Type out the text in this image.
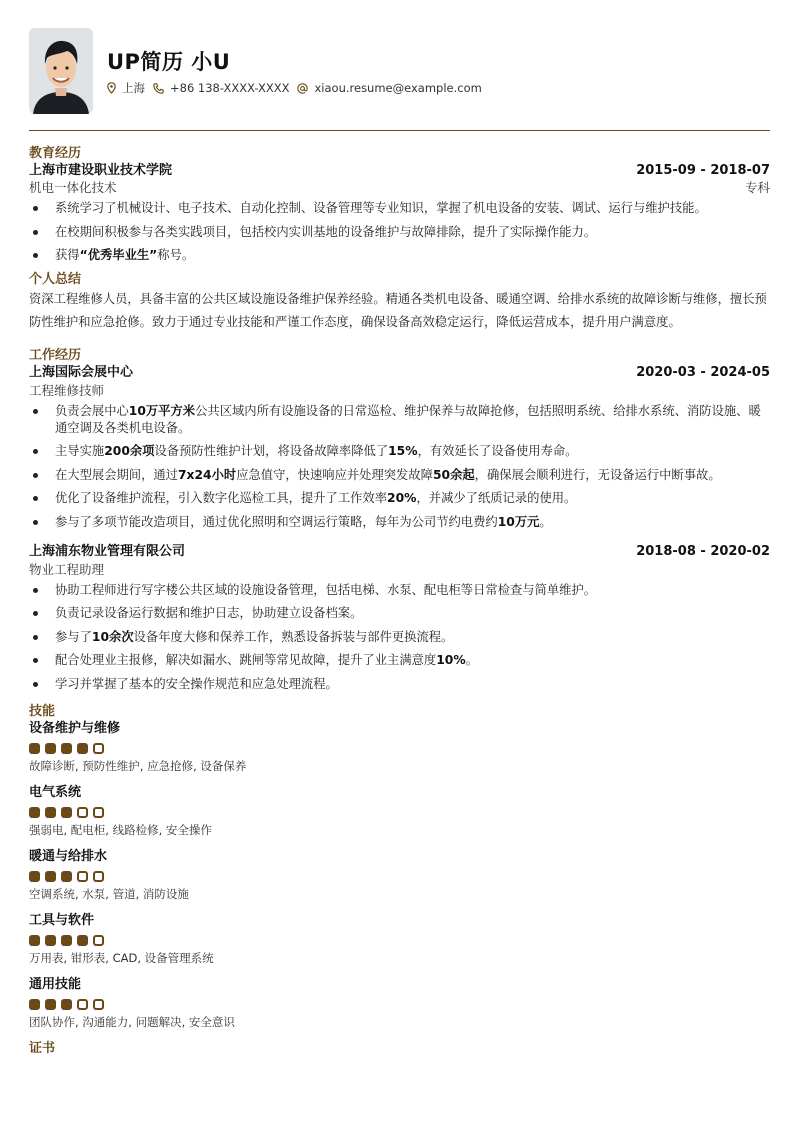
UP简历 小U
上海 +86 138-XXXX-XXXX xiaou.resume@example.com
教育经历
上海市建设职业技术学院	2015-09 - 2018-07
机电一体化技术	专科
系统学习了机械设计、电子技术、自动化控制、设备管理等专业知识，掌握了机电设备的安装、调试、运行与维护技能。
在校期间积极参与各类实践项目，包括校内实训基地的设备维护与故障排除，提升了实际操作能力。
获得“优秀毕业生”称号。
个人总结
资深工程维修人员，具备丰富的公共区域设施设备维护保养经验。精通各类机电设备、暖通空调、给排水系统的故障诊断与维修，擅长预防性维护和应急抢修。致力于通过专业技能和严谨工作态度，确保设备高效稳定运行，降低运营成本，提升用户满意度。
工作经历
上海国际会展中心	2020-03 - 2024-05
工程维修技师
负责会展中心10万平方米公共区域内所有设施设备的日常巡检、维护保养与故障抢修，包括照明系统、给排水系统、消防设施、暖通空调及各类机电设备。
主导实施200余项设备预防性维护计划，将设备故障率降低了15%，有效延长了设备使用寿命。
在大型展会期间，通过7x24小时应急值守，快速响应并处理突发故障50余起，确保展会顺利进行，无设备运行中断事故。
优化了设备维护流程，引入数字化巡检工具，提升了工作效率20%，并减少了纸质记录的使用。
参与了多项节能改造项目，通过优化照明和空调运行策略，每年为公司节约电费约10万元。
上海浦东物业管理有限公司	2018-08 - 2020-02
物业工程助理
协助工程师进行写字楼公共区域的设施设备管理，包括电梯、水泵、配电柜等日常检查与简单维护。
负责记录设备运行数据和维护日志，协助建立设备档案。
参与了10余次设备年度大修和保养工作，熟悉设备拆装与部件更换流程。
配合处理业主报修，解决如漏水、跳闸等常见故障，提升了业主满意度10%。
学习并掌握了基本的安全操作规范和应急处理流程。
技能
设备维护与维修
故障诊断, 预防性维护, 应急抢修, 设备保养
电气系统
强弱电, 配电柜, 线路检修, 安全操作
暖通与给排水
空调系统, 水泵, 管道, 消防设施
工具与软件
万用表, 钳形表, CAD, 设备管理系统
通用技能
团队协作, 沟通能力, 问题解决, 安全意识
证书
